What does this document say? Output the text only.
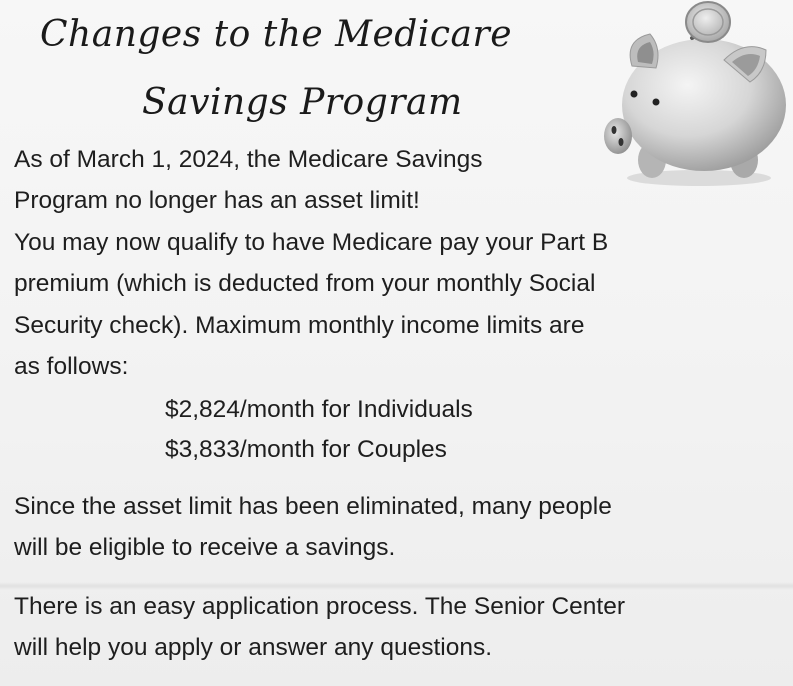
Changes to the Medicare
Savings Program
As of March 1, 2024, the Medicare Savings
Program no longer has an asset limit!
You may now qualify to have Medicare pay your Part B
premium (which is deducted from your monthly Social
Security check). Maximum monthly income limits are
as follows:
$2,824/month for Individuals
$3,833/month for Couples
Since the asset limit has been eliminated, many people
will be eligible to receive a savings.
There is an easy application process. The Senior Center
will help you apply or answer any questions.
